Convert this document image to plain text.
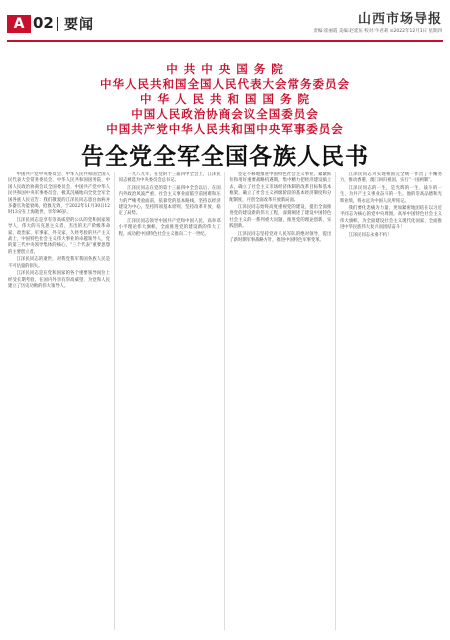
A 02 要闻	山西市场导报
责编:崔丽霞 美编:赵延伍 校对:牛君莉 ⊙2022年12月1日 星期四
中 共 中 央 国 务 院
中华人民共和国全国人民代表大会常务委员会
中 华 人 民 共 和 国 国 务 院
中国人民政治协商会议全国委员会
中国共产党中华人民共和国中央军事委员会
告全党全军全国各族人民书

中国共产党中央委员会、中华人民共和国全国人民代表大会常务委员会、中华人民共和国国务院、中国人民政治协商会议全国委员会、中国共产党中华人民共和国中央军事委员会，极其沉痛地向全党全军全国各族人民宣告：我们敬爱的江泽民同志患白血病并多器官功能衰竭，抢救无效，于2022年11月30日12时13分在上海逝世，享年96岁。

江泽民同志是享有崇高威望的公认的党和国家领导人，伟大的马克思主义者，杰出的无产阶级革命家、政治家、军事家、外交家，久经考验的共产主义战士，中国特色社会主义伟大事业的卓越领导人，党的第三代中央领导集体的核心，“三个代表”重要思想的主要创立者。

江泽民同志的逝世，对我党我军我国各族人民是不可估量的损失。

江泽民同志是在党和国家的各个重要领导岗位上经受长期考验，在国内外享有崇高威望、为党和人民建立了历史功勋的伟大领导人。

一九八九年，在党的十三届四中全会上，江泽民同志被选为中央委员会总书记。

江泽民同志在党的第十三届四中全会以后，在国内外政治风波严重、社会主义事业面临空前困难和压力的严峻考验面前，依靠党的基本路线，坚持以经济建设为中心，坚持四项基本原则，坚持改革开放，稳定了局势。

江泽民同志领导中国共产党和中国人民，高举邓小平理论伟大旗帜，全面推进党的建设新的伟大工程，成功把中国特色社会主义推向二十一世纪。

坚定不移地推进中国特色社会主义事业，紧紧抓住和用好重要战略机遇期，集中精力把经济建设搞上去，确立了社会主义市场经济体制的改革目标和基本框架，确立了社会主义初级阶段的基本经济制度和分配制度，开创全面改革开放新局面。

江泽民同志始终高度重视党的建设，提出全面推进党的建设新的伟大工程，深刻阐述了建设中国特色社会主义的一系列重大问题，推进党的理论创新、实践创新。

江泽民同志坚持党对人民军队的绝对领导，提出了新时期军事战略方针，推进中国特色军事变革。

江泽民同志为实现祖国完全统一作出了不懈努力，推动香港、澳门回归祖国，实行“一国两制”。

江泽民同志的一生，是光辉的一生、战斗的一生、为共产主义事业奋斗的一生。他的崇高品德和光辉业绩，将永远为中国人民所铭记。

我们要化悲痛为力量，更加紧密地团结在以习近平同志为核心的党中央周围，高举中国特色社会主义伟大旗帜，为全面建设社会主义现代化国家、全面推进中华民族伟大复兴而团结奋斗！

江泽民同志永垂不朽！
